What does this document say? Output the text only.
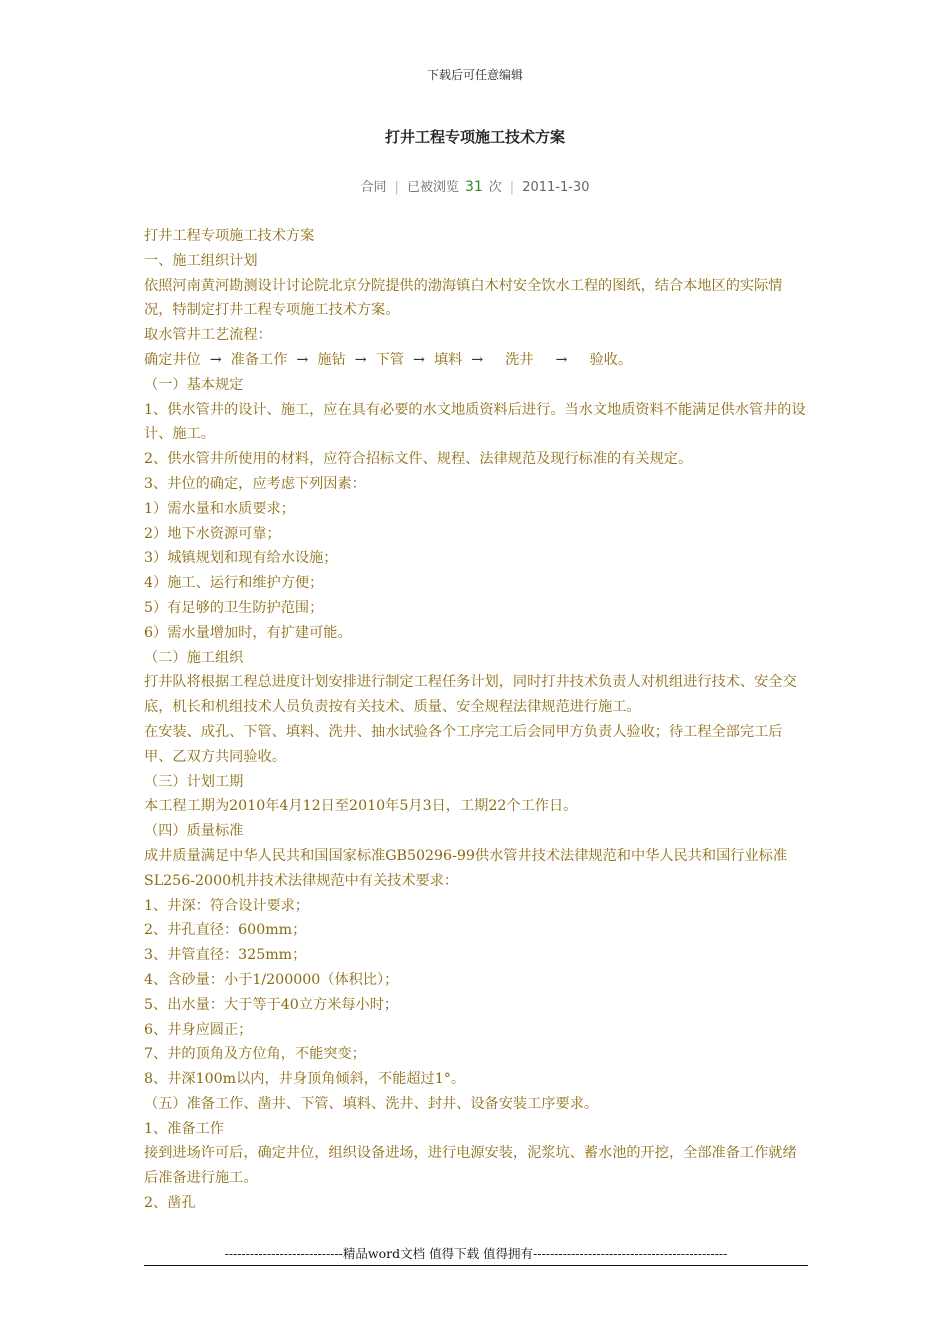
下载后可任意编辑
打井工程专项施工技术方案
合同 | 已被浏览 31 次 | 2011-1-30

打井工程专项施工技术方案

一、施工组织计划

依照河南黄河勘测设计讨论院北京分院提供的渤海镇白木村安全饮水工程的图纸，结合本地区的实际情况，特制定打井工程专项施工技术方案。

取水管井工艺流程：

确定井位 → 准备工作 → 施钻 → 下管 → 填料 → 洗井 → 验收。

（一）基本规定

1、供水管井的设计、施工，应在具有必要的水文地质资料后进行。当水文地质资料不能满足供水管井的设计、施工。

2、供水管井所使用的材料，应符合招标文件、规程、法律规范及现行标准的有关规定。

3、井位的确定，应考虑下列因素：

1）需水量和水质要求；

2）地下水资源可靠；

3）城镇规划和现有给水设施；

4）施工、运行和维护方便；

5）有足够的卫生防护范围；

6）需水量增加时，有扩建可能。

（二）施工组织

打井队将根据工程总进度计划安排进行制定工程任务计划，同时打井技术负责人对机组进行技术、安全交底，机长和机组技术人员负责按有关技术、质量、安全规程法律规范进行施工。

在安装、成孔、下管、填料、洗井、抽水试验各个工序完工后会同甲方负责人验收；待工程全部完工后甲、乙双方共同验收。

（三）计划工期

本工程工期为2010年4月12日至2010年5月3日，工期22个工作日。

（四）质量标准

成井质量满足中华人民共和国国家标准GB50296-99供水管井技术法律规范和中华人民共和国行业标准SL256-2000机井技术法律规范中有关技术要求：

1、井深：符合设计要求；

2、井孔直径：600mm；

3、井管直径：325mm；

4、含砂量：小于1/200000（体积比）；

5、出水量：大于等于40立方米每小时；

6、井身应圆正；

7、井的顶角及方位角，不能突变；

8、井深100m以内，井身顶角倾斜，不能超过1°。

（五）准备工作、凿井、下管、填料、洗井、封井、设备安装工序要求。

1、准备工作

接到进场许可后，确定井位，组织设备进场，进行电源安装，泥浆坑、蓄水池的开挖，全部准备工作就绪后准备进行施工。

2、凿孔

----------------------------精品word文档 值得下载 值得拥有----------------------------------------------
